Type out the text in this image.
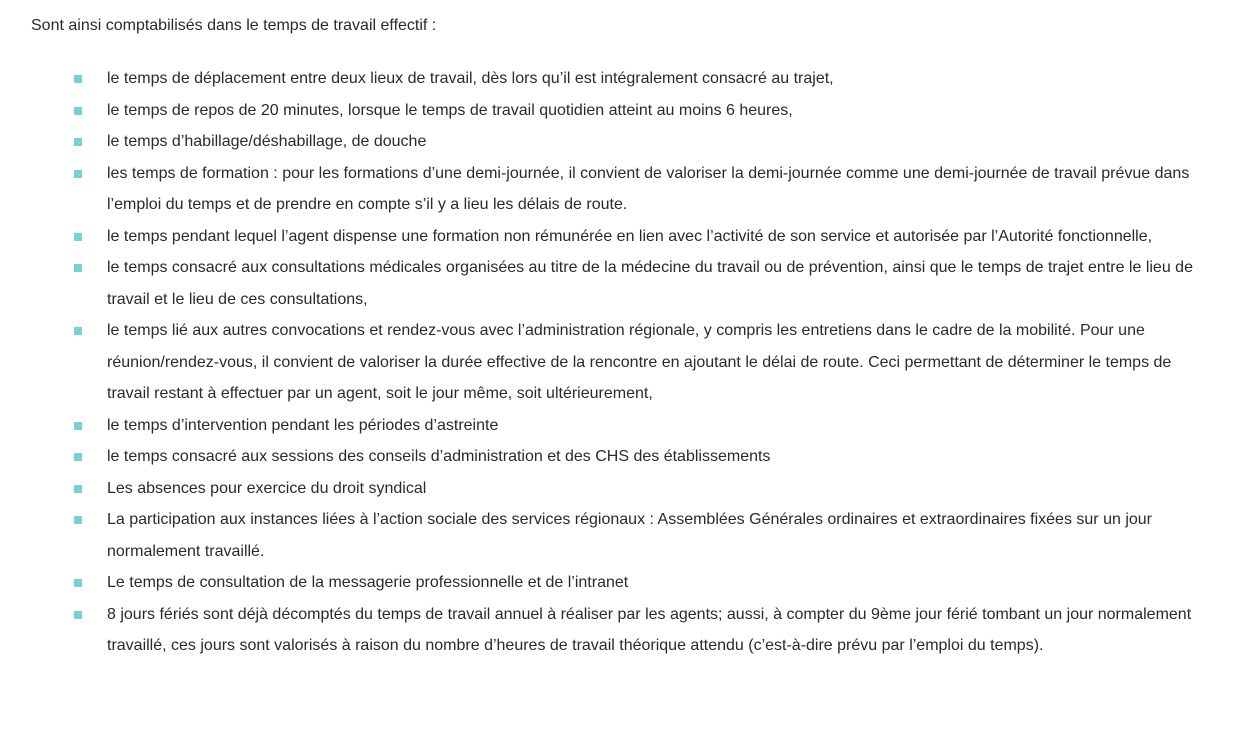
Sont ainsi comptabilisés dans le temps de travail effectif :

le temps de déplacement entre deux lieux de travail, dès lors qu’il est intégralement consacré au trajet,
le temps de repos de 20 minutes, lorsque le temps de travail quotidien atteint au moins 6 heures,
le temps d’habillage/déshabillage, de douche
les temps de formation : pour les formations d’une demi-journée, il convient de valoriser la demi-journée comme une demi-journée de travail prévue dans l’emploi du temps et de prendre en compte s’il y a lieu les délais de route.
le temps pendant lequel l’agent dispense une formation non rémunérée en lien avec l’activité de son service et autorisée par l’Autorité fonctionnelle,
le temps consacré aux consultations médicales organisées au titre de la médecine du travail ou de prévention, ainsi que le temps de trajet entre le lieu de travail et le lieu de ces consultations,
le temps lié aux autres convocations et rendez-vous avec l’administration régionale, y compris les entretiens dans le cadre de la mobilité. Pour une réunion/rendez-vous, il convient de valoriser la durée effective de la rencontre en ajoutant le délai de route. Ceci permettant de déterminer le temps de travail restant à effectuer par un agent, soit le jour même, soit ultérieurement,
le temps d’intervention pendant les périodes d’astreinte
le temps consacré aux sessions des conseils d’administration et des CHS des établissements
Les absences pour exercice du droit syndical
La participation aux instances liées à l’action sociale des services régionaux : Assemblées Générales ordinaires et extraordinaires fixées sur un jour normalement travaillé.
Le temps de consultation de la messagerie professionnelle et de l’intranet
8 jours fériés sont déjà décomptés du temps de travail annuel à réaliser par les agents; aussi, à compter du 9ème jour férié tombant un jour normalement travaillé, ces jours sont valorisés à raison du nombre d’heures de travail théorique attendu (c’est-à-dire prévu par l’emploi du temps).
